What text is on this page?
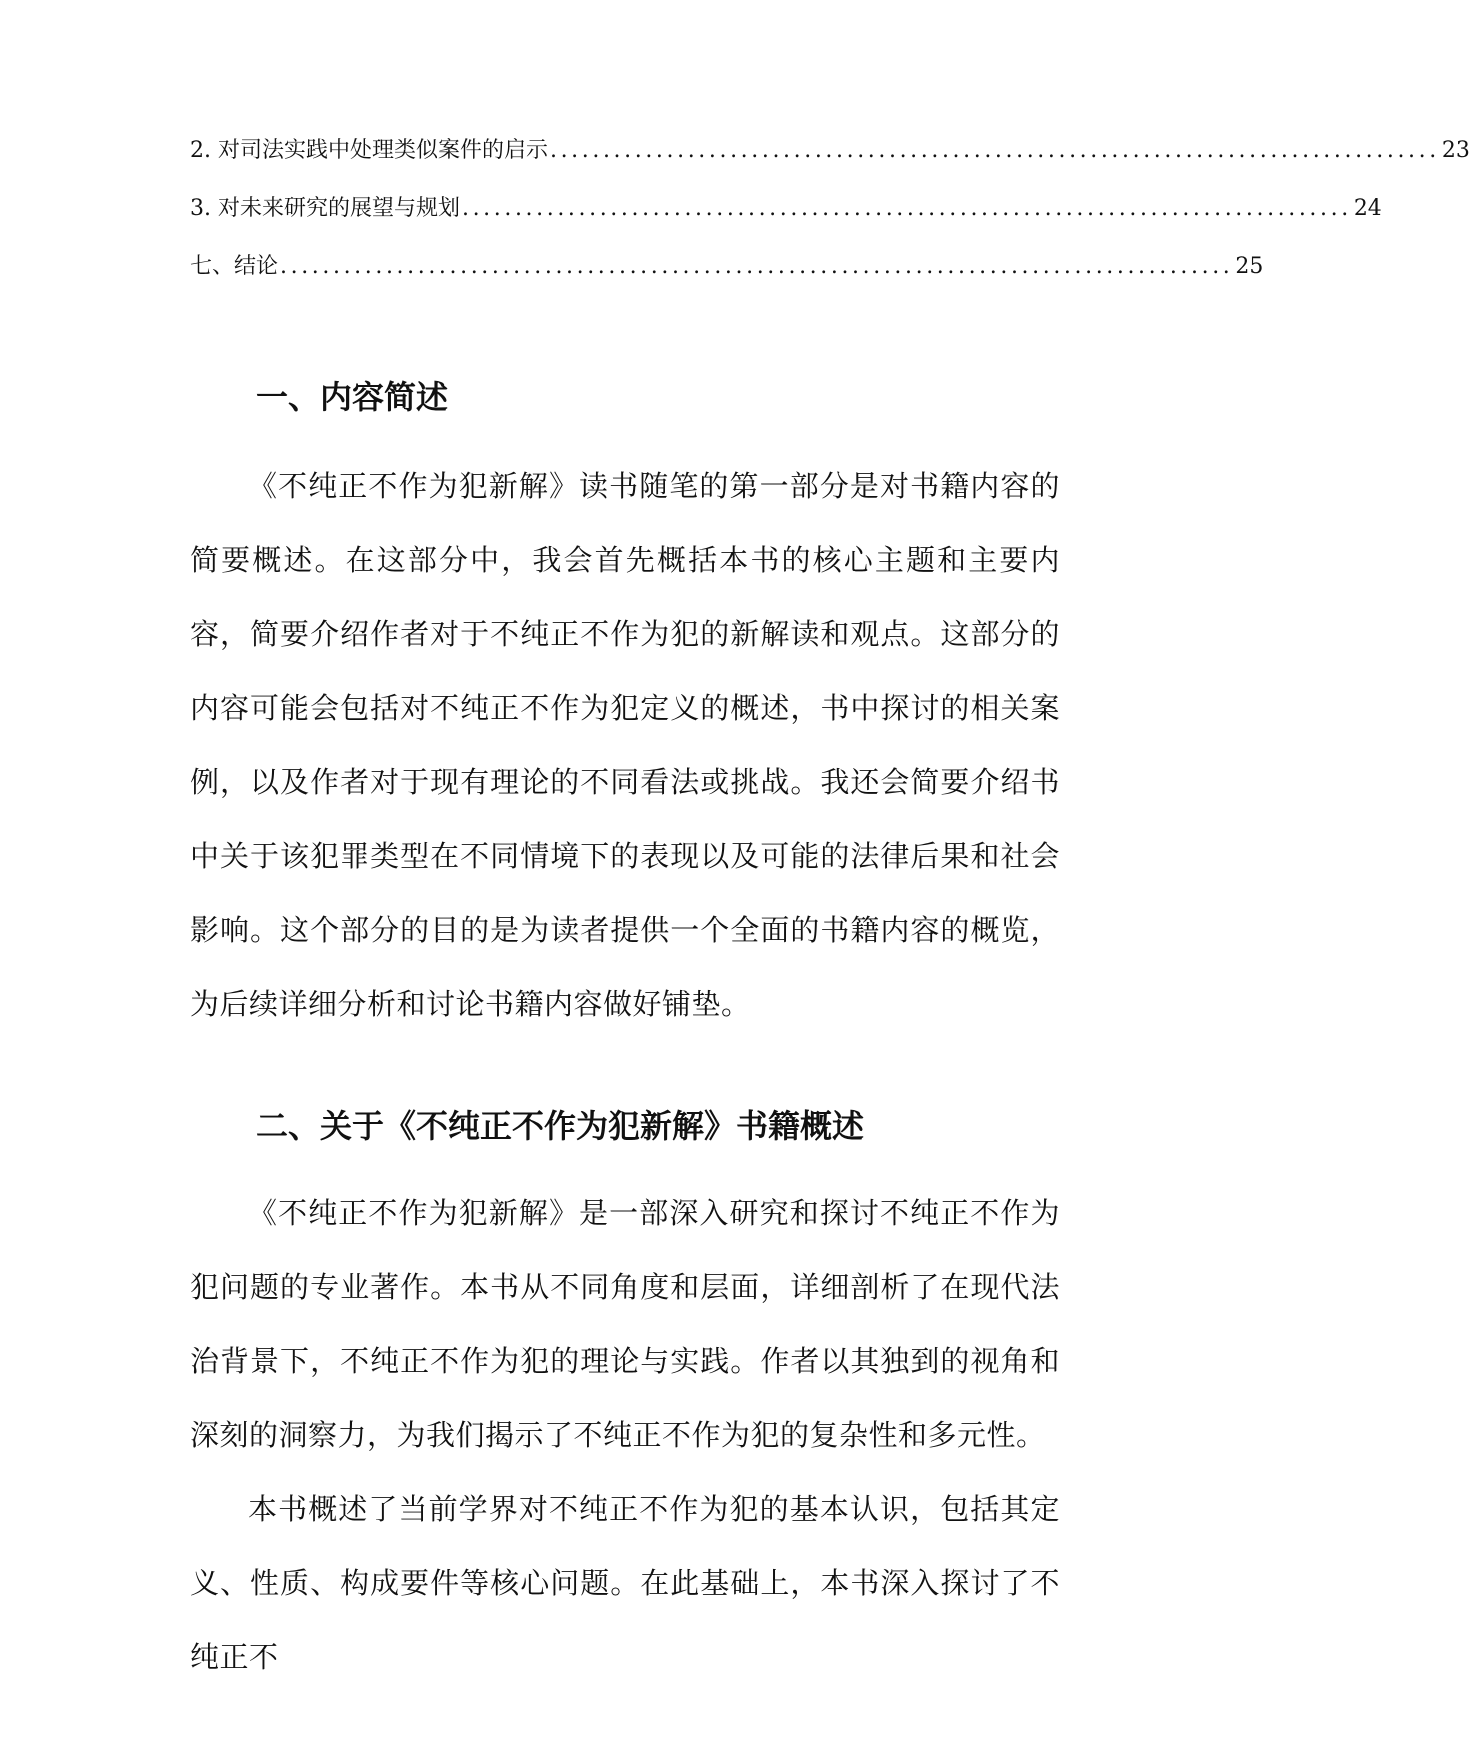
2. 对司法实践中处理类似案件的启示 .................................................................................... 23
3. 对未来研究的展望与规划 .................................................................................... 24
七、结论 .......................................................................................... 25
一、内容简述

《不纯正不作为犯新解》读书随笔的第一部分是对书籍内容的简要概述。在这部分中，我会首先概括本书的核心主题和主要内容，简要介绍作者对于不纯正不作为犯的新解读和观点。这部分的内容可能会包括对不纯正不作为犯定义的概述，书中探讨的相关案例，以及作者对于现有理论的不同看法或挑战。我还会简要介绍书中关于该犯罪类型在不同情境下的表现以及可能的法律后果和社会影响。这个部分的目的是为读者提供一个全面的书籍内容的概览，为后续详细分析和讨论书籍内容做好铺垫。

二、关于《不纯正不作为犯新解》书籍概述

《不纯正不作为犯新解》是一部深入研究和探讨不纯正不作为犯问题的专业著作。本书从不同角度和层面，详细剖析了在现代法治背景下，不纯正不作为犯的理论与实践。作者以其独到的视角和深刻的洞察力，为我们揭示了不纯正不作为犯的复杂性和多元性。

本书概述了当前学界对不纯正不作为犯的基本认识，包括其定义、性质、构成要件等核心问题。在此基础上，本书深入探讨了不纯正不
